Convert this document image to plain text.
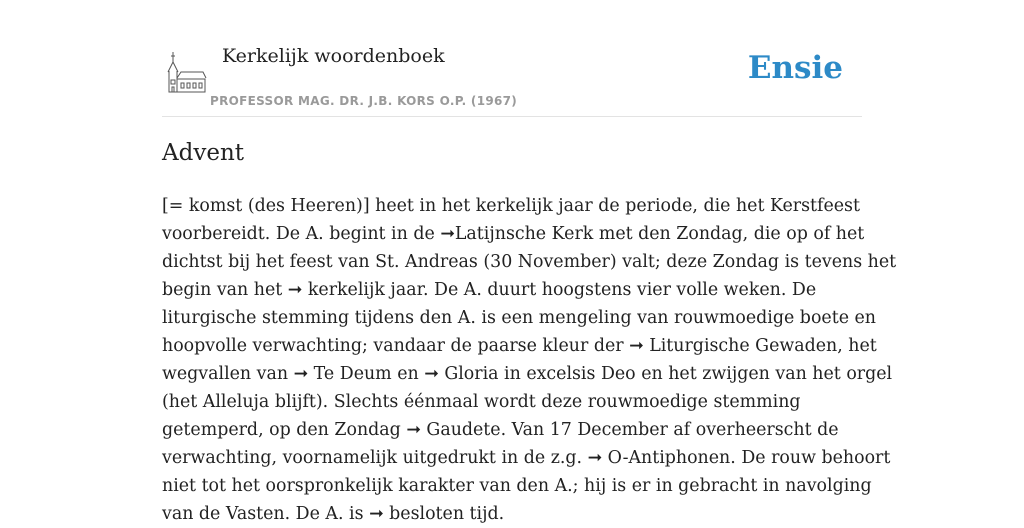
Kerkelijk woordenboek
PROFESSOR MAG. DR. J.B. KORS O.P. (1967)
Ensie
Advent
[= komst (des Heeren)] heet in het kerkelijk jaar de periode, die het Kerstfeest
voorbereidt. De A. begint in de ➞Latijnsche Kerk met den Zondag, die op of het
dichtst bij het feest van St. Andreas (30 November) valt; deze Zondag is tevens het
begin van het ➞ kerkelijk jaar. De A. duurt hoogstens vier volle weken. De
liturgische stemming tijdens den A. is een mengeling van rouwmoedige boete en
hoopvolle verwachting; vandaar de paarse kleur der ➞ Liturgische Gewaden, het
wegvallen van ➞ Te Deum en ➞ Gloria in excelsis Deo en het zwijgen van het orgel
(het Alleluja blijft). Slechts éénmaal wordt deze rouwmoedige stemming
getemperd, op den Zondag ➞ Gaudete. Van 17 December af overheerscht de
verwachting, voornamelijk uitgedrukt in de z.g. ➞ O-Antiphonen. De rouw behoort
niet tot het oorspronkelijk karakter van den A.; hij is er in gebracht in navolging
van de Vasten. De A. is ➞ besloten tijd.
